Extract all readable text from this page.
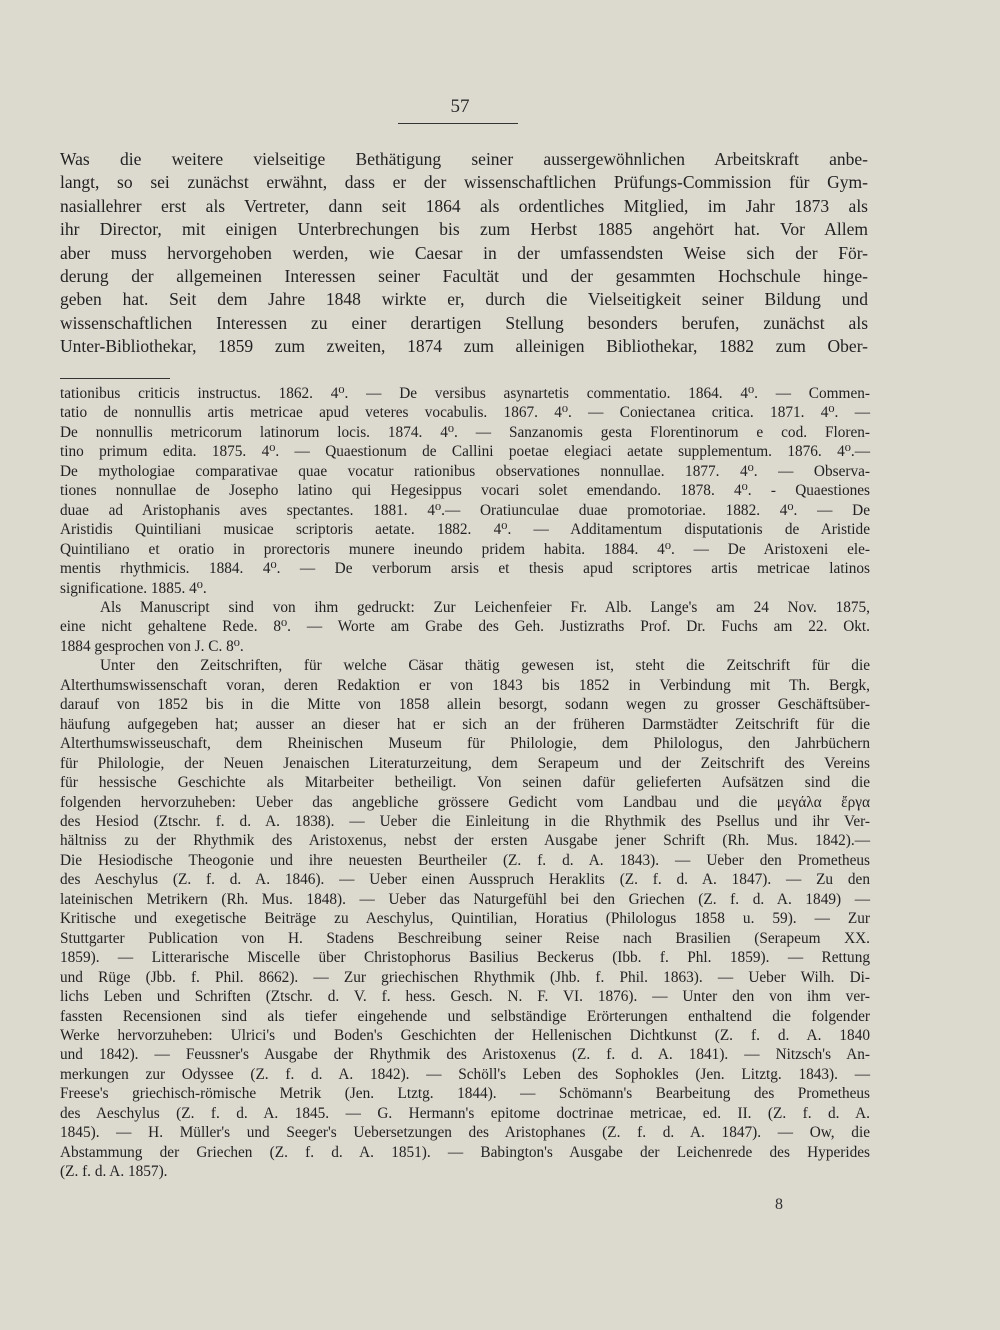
57
Was die weitere vielseitige Bethätigung seiner aussergewöhnlichen Arbeitskraft anbe-
langt, so sei zunächst erwähnt, dass er der wissenschaftlichen Prüfungs-Commission für Gym-
nasiallehrer erst als Vertreter, dann seit 1864 als ordentliches Mitglied, im Jahr 1873 als
ihr Director, mit einigen Unterbrechungen bis zum Herbst 1885 angehört hat. Vor Allem
aber muss hervorgehoben werden, wie Caesar in der umfassendsten Weise sich der För-
derung der allgemeinen Interessen seiner Facultät und der gesammten Hochschule hinge-
geben hat. Seit dem Jahre 1848 wirkte er, durch die Vielseitigkeit seiner Bildung und
wissenschaftlichen Interessen zu einer derartigen Stellung besonders berufen, zunächst als
Unter-Bibliothekar, 1859 zum zweiten, 1874 zum alleinigen Bibliothekar, 1882 zum Ober-
tationibus criticis instructus. 1862. 4⁰. — De versibus asynartetis commentatio. 1864. 4⁰. — Commen-
tatio de nonnullis artis metricae apud veteres vocabulis. 1867. 4⁰. — Coniectanea critica. 1871. 4⁰. —
De nonnullis metricorum latinorum locis. 1874. 4⁰. — Sanzanomis gesta Florentinorum e cod. Floren-
tino primum edita. 1875. 4⁰. — Quaestionum de Callini poetae elegiaci aetate supplementum. 1876. 4⁰.—
De mythologiae comparativae quae vocatur rationibus observationes nonnullae. 1877. 4⁰. — Observa-
tiones nonnullae de Josepho latino qui Hegesippus vocari solet emendando. 1878. 4⁰. - Quaestiones
duae ad Aristophanis aves spectantes. 1881. 4⁰.— Oratiunculae duae promotoriae. 1882. 4⁰. — De
Aristidis Quintiliani musicae scriptoris aetate. 1882. 4⁰. — Additamentum disputationis de Aristide
Quintiliano et oratio in prorectoris munere ineundo pridem habita. 1884. 4⁰. — De Aristoxeni ele-
mentis rhythmicis. 1884. 4⁰. — De verborum arsis et thesis apud scriptores artis metricae latinos
significatione. 1885. 4⁰.
Als Manuscript sind von ihm gedruckt: Zur Leichenfeier Fr. Alb. Lange's am 24 Nov. 1875,
eine nicht gehaltene Rede. 8⁰. — Worte am Grabe des Geh. Justizraths Prof. Dr. Fuchs am 22. Okt.
1884 gesprochen von J. C. 8⁰.
Unter den Zeitschriften, für welche Cäsar thätig gewesen ist, steht die Zeitschrift für die
Alterthumswissenschaft voran, deren Redaktion er von 1843 bis 1852 in Verbindung mit Th. Bergk,
darauf von 1852 bis in die Mitte von 1858 allein besorgt, sodann wegen zu grosser Geschäftsüber-
häufung aufgegeben hat; ausser an dieser hat er sich an der früheren Darmstädter Zeitschrift für die
Alterthumswisseuschaft, dem Rheinischen Museum für Philologie, dem Philologus, den Jahrbüchern
für Philologie, der Neuen Jenaischen Literaturzeitung, dem Serapeum und der Zeitschrift des Vereins
für hessische Geschichte als Mitarbeiter betheiligt. Von seinen dafür gelieferten Aufsätzen sind die
folgenden hervorzuheben: Ueber das angebliche grössere Gedicht vom Landbau und die μεγάλα ἔργα
des Hesiod (Ztschr. f. d. A. 1838). — Ueber die Einleitung in die Rhythmik des Psellus und ihr Ver-
hältniss zu der Rhythmik des Aristoxenus, nebst der ersten Ausgabe jener Schrift (Rh. Mus. 1842).—
Die Hesiodische Theogonie und ihre neuesten Beurtheiler (Z. f. d. A. 1843). — Ueber den Prometheus
des Aeschylus (Z. f. d. A. 1846). — Ueber einen Ausspruch Heraklits (Z. f. d. A. 1847). — Zu den
lateinischen Metrikern (Rh. Mus. 1848). — Ueber das Naturgefühl bei den Griechen (Z. f. d. A. 1849) —
Kritische und exegetische Beiträge zu Aeschylus, Quintilian, Horatius (Philologus 1858 u. 59). — Zur
Stuttgarter Publication von H. Stadens Beschreibung seiner Reise nach Brasilien (Serapeum XX.
1859). — Litterarische Miscelle über Christophorus Basilius Beckerus (Ibb. f. Phl. 1859). — Rettung
und Rüge (Jbb. f. Phil. 8662). — Zur griechischen Rhythmik (Jhb. f. Phil. 1863). — Ueber Wilh. Di-
lichs Leben und Schriften (Ztschr. d. V. f. hess. Gesch. N. F. VI. 1876). — Unter den von ihm ver-
fassten Recensionen sind als tiefer eingehende und selbständige Erörterungen enthaltend die folgender
Werke hervorzuheben: Ulrici's und Boden's Geschichten der Hellenischen Dichtkunst (Z. f. d. A. 1840
und 1842). — Feussner's Ausgabe der Rhythmik des Aristoxenus (Z. f. d. A. 1841). — Nitzsch's An-
merkungen zur Odyssee (Z. f. d. A. 1842). — Schöll's Leben des Sophokles (Jen. Litztg. 1843). —
Freese's griechisch-römische Metrik (Jen. Ltztg. 1844). — Schömann's Bearbeitung des Prometheus
des Aeschylus (Z. f. d. A. 1845. — G. Hermann's epitome doctrinae metricae, ed. II. (Z. f. d. A.
1845). — H. Müller's und Seeger's Uebersetzungen des Aristophanes (Z. f. d. A. 1847). — Ow, die
Abstammung der Griechen (Z. f. d. A. 1851). — Babington's Ausgabe der Leichenrede des Hyperides
(Z. f. d. A. 1857).
8
